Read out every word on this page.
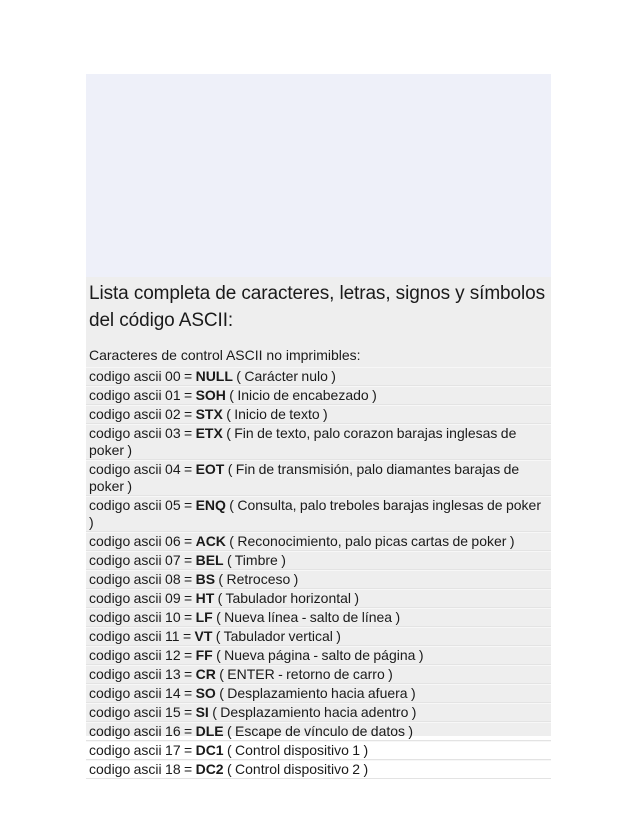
Lista completa de caracteres, letras, signos y símbolos del código ASCII:

Caracteres de control ASCII no imprimibles:

codigo ascii 00 = NULL ( Carácter nulo )
codigo ascii 01 = SOH ( Inicio de encabezado )
codigo ascii 02 = STX ( Inicio de texto )
codigo ascii 03 = ETX ( Fin de texto, palo corazon barajas inglesas de poker )
codigo ascii 04 = EOT ( Fin de transmisión, palo diamantes barajas de poker )
codigo ascii 05 = ENQ ( Consulta, palo treboles barajas inglesas de poker )
codigo ascii 06 = ACK ( Reconocimiento, palo picas cartas de poker )
codigo ascii 07 = BEL ( Timbre )
codigo ascii 08 = BS ( Retroceso )
codigo ascii 09 = HT ( Tabulador horizontal )
codigo ascii 10 = LF ( Nueva línea - salto de línea )
codigo ascii 11 = VT ( Tabulador vertical )
codigo ascii 12 = FF ( Nueva página - salto de página )
codigo ascii 13 = CR ( ENTER - retorno de carro )
codigo ascii 14 = SO ( Desplazamiento hacia afuera )
codigo ascii 15 = SI ( Desplazamiento hacia adentro )
codigo ascii 16 = DLE ( Escape de vínculo de datos )
codigo ascii 17 = DC1 ( Control dispositivo 1 )
codigo ascii 18 = DC2 ( Control dispositivo 2 )
